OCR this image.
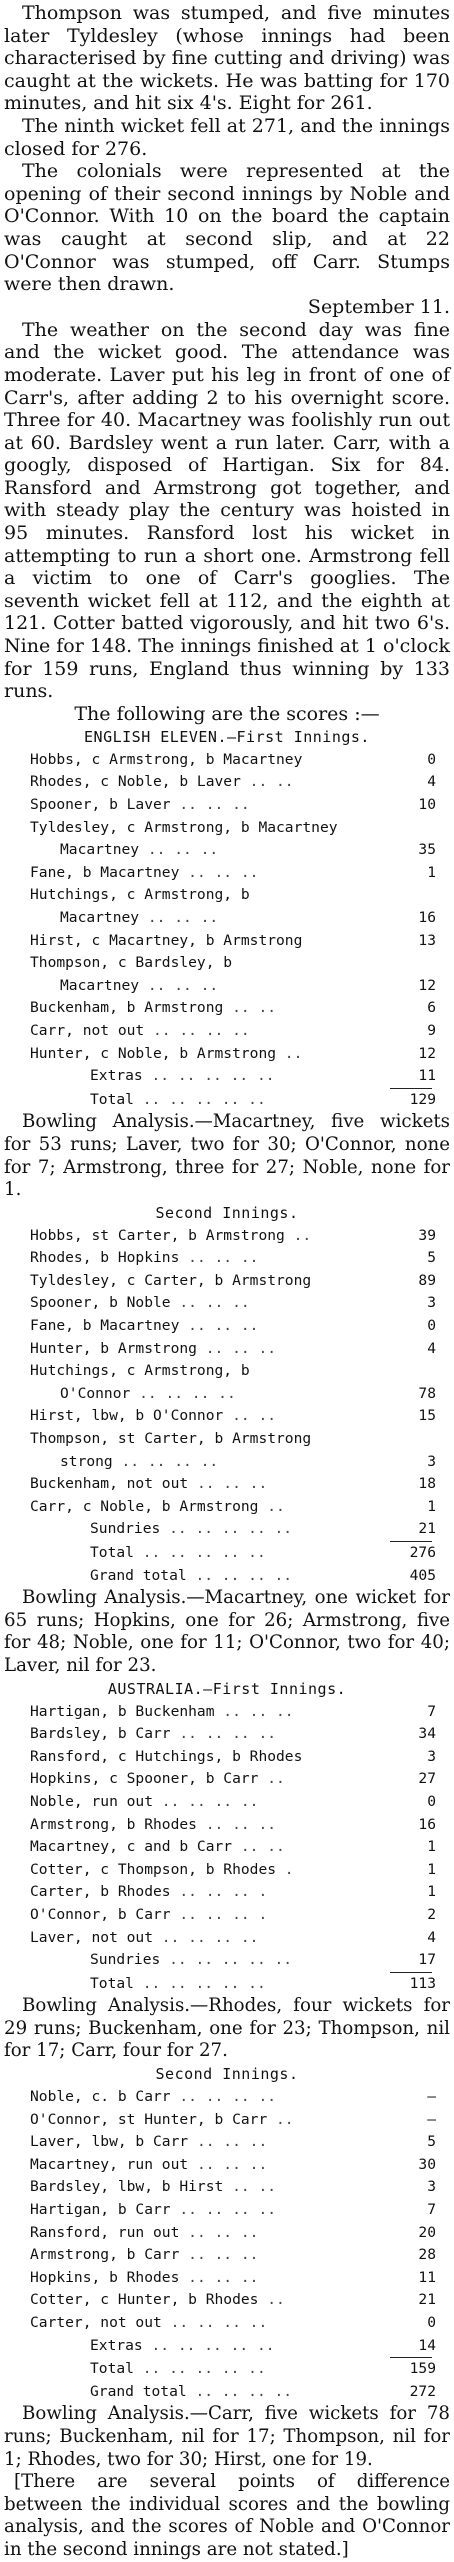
Thompson was stumped, and five minutes later Tyldesley (whose innings had been characterised by fine cutting and driving) was caught at the wickets. He was batting for 170 minutes, and hit six 4's. Eight for 261.

The ninth wicket fell at 271, and the innings closed for 276.

The colonials were represented at the opening of their second innings by Noble and O'Connor. With 10 on the board the captain was caught at second slip, and at 22 O'Connor was stumped, off Carr. Stumps were then drawn.

September 11.

The weather on the second day was fine and the wicket good. The attendance was moderate. Laver put his leg in front of one of Carr's, after adding 2 to his overnight score. Three for 40. Macartney was foolishly run out at 60. Bardsley went a run later. Carr, with a googly, disposed of Hartigan. Six for 84. Ransford and Armstrong got together, and with steady play the century was hoisted in 95 minutes. Ransford lost his wicket in attempting to run a short one. Armstrong fell a victim to one of Carr's googlies. The seventh wicket fell at 112, and the eighth at 121. Cotter batted vigorously, and hit two 6's. Nine for 148. The innings finished at 1 o'clock for 159 runs, England thus winning by 133 runs.

The following are the scores :—

ENGLISH ELEVEN.—First Innings.

Hobbs, c Armstrong, b Macartney
	0
Rhodes, c Noble, b Laver .. ..	4
Spooner, b Laver .. .. ..	10
Tyldesley, c Armstrong, b Macartney
Macartney .. .. ..	35
Fane, b Macartney .. .. ..	1
Hutchings, c Armstrong, b
Macartney .. .. ..	16
Hirst, c Macartney, b Armstrong
	13
Thompson, c Bardsley, b
Macartney .. .. ..	12
Buckenham, b Armstrong .. ..	6
Carr, not out .. .. .. ..	9
Hunter, c Noble, b Armstrong ..	12
Extras .. .. .. .. ..	11
Total .. .. .. .. ..	129

Bowling Analysis.—Macartney, five wickets for 53 runs; Laver, two for 30; O'Connor, none for 7; Armstrong, three for 27; Noble, none for 1.

Second Innings.

Hobbs, st Carter, b Armstrong ..	39
Rhodes, b Hopkins .. .. ..	5
Tyldesley, c Carter, b Armstrong
	89
Spooner, b Noble .. .. ..	3
Fane, b Macartney .. .. ..	0
Hunter, b Armstrong .. .. ..	4
Hutchings, c Armstrong, b
O'Connor .. .. .. ..	78
Hirst, lbw, b O'Connor .. ..	15
Thompson, st Carter, b Armstrong
strong .. .. .. ..	3
Buckenham, not out .. .. ..	18
Carr, c Noble, b Armstrong ..	1
Sundries .. .. .. .. ..	21
Total .. .. .. .. ..	276
Grand total .. .. .. ..	405

Bowling Analysis.—Macartney, one wicket for 65 runs; Hopkins, one for 26; Armstrong, five for 48; Noble, one for 11; O'Connor, two for 40; Laver, nil for 23.

AUSTRALIA.—First Innings.

Hartigan, b Buckenham .. .. ..	7
Bardsley, b Carr .. .. .. ..	34
Ransford, c Hutchings, b Rhodes
	3
Hopkins, c Spooner, b Carr ..	27
Noble, run out .. .. .. ..	0
Armstrong, b Rhodes .. .. ..	16
Macartney, c and b Carr .. ..	1
Cotter, c Thompson, b Rhodes .	1
Carter, b Rhodes .. .. .. .	1
O'Connor, b Carr .. .. .. .	2
Laver, not out .. .. .. ..	4
Sundries .. .. .. .. ..	17
Total .. .. .. .. ..	113

Bowling Analysis.—Rhodes, four wickets for 29 runs; Buckenham, one for 23; Thompson, nil for 17; Carr, four for 27.

Second Innings.

Noble, c. b Carr .. .. .. ..	—
O'Connor, st Hunter, b Carr ..	—
Laver, lbw, b Carr .. .. ..	5
Macartney, run out .. .. ..	30
Bardsley, lbw, b Hirst .. ..	3
Hartigan, b Carr .. .. .. ..	7
Ransford, run out .. .. ..	20
Armstrong, b Carr .. .. ..	28
Hopkins, b Rhodes .. .. ..	11
Cotter, c Hunter, b Rhodes ..	21
Carter, not out .. .. .. ..	0
Extras .. .. .. .. ..	14
Total .. .. .. .. ..	159
Grand total .. .. .. ..	272

Bowling Analysis.—Carr, five wickets for 78 runs; Buckenham, nil for 17; Thompson, nil for 1; Rhodes, two for 30; Hirst, one for 19.

[There are several points of difference between the individual scores and the bowling analysis, and the scores of Noble and O'Connor in the second innings are not stated.]
